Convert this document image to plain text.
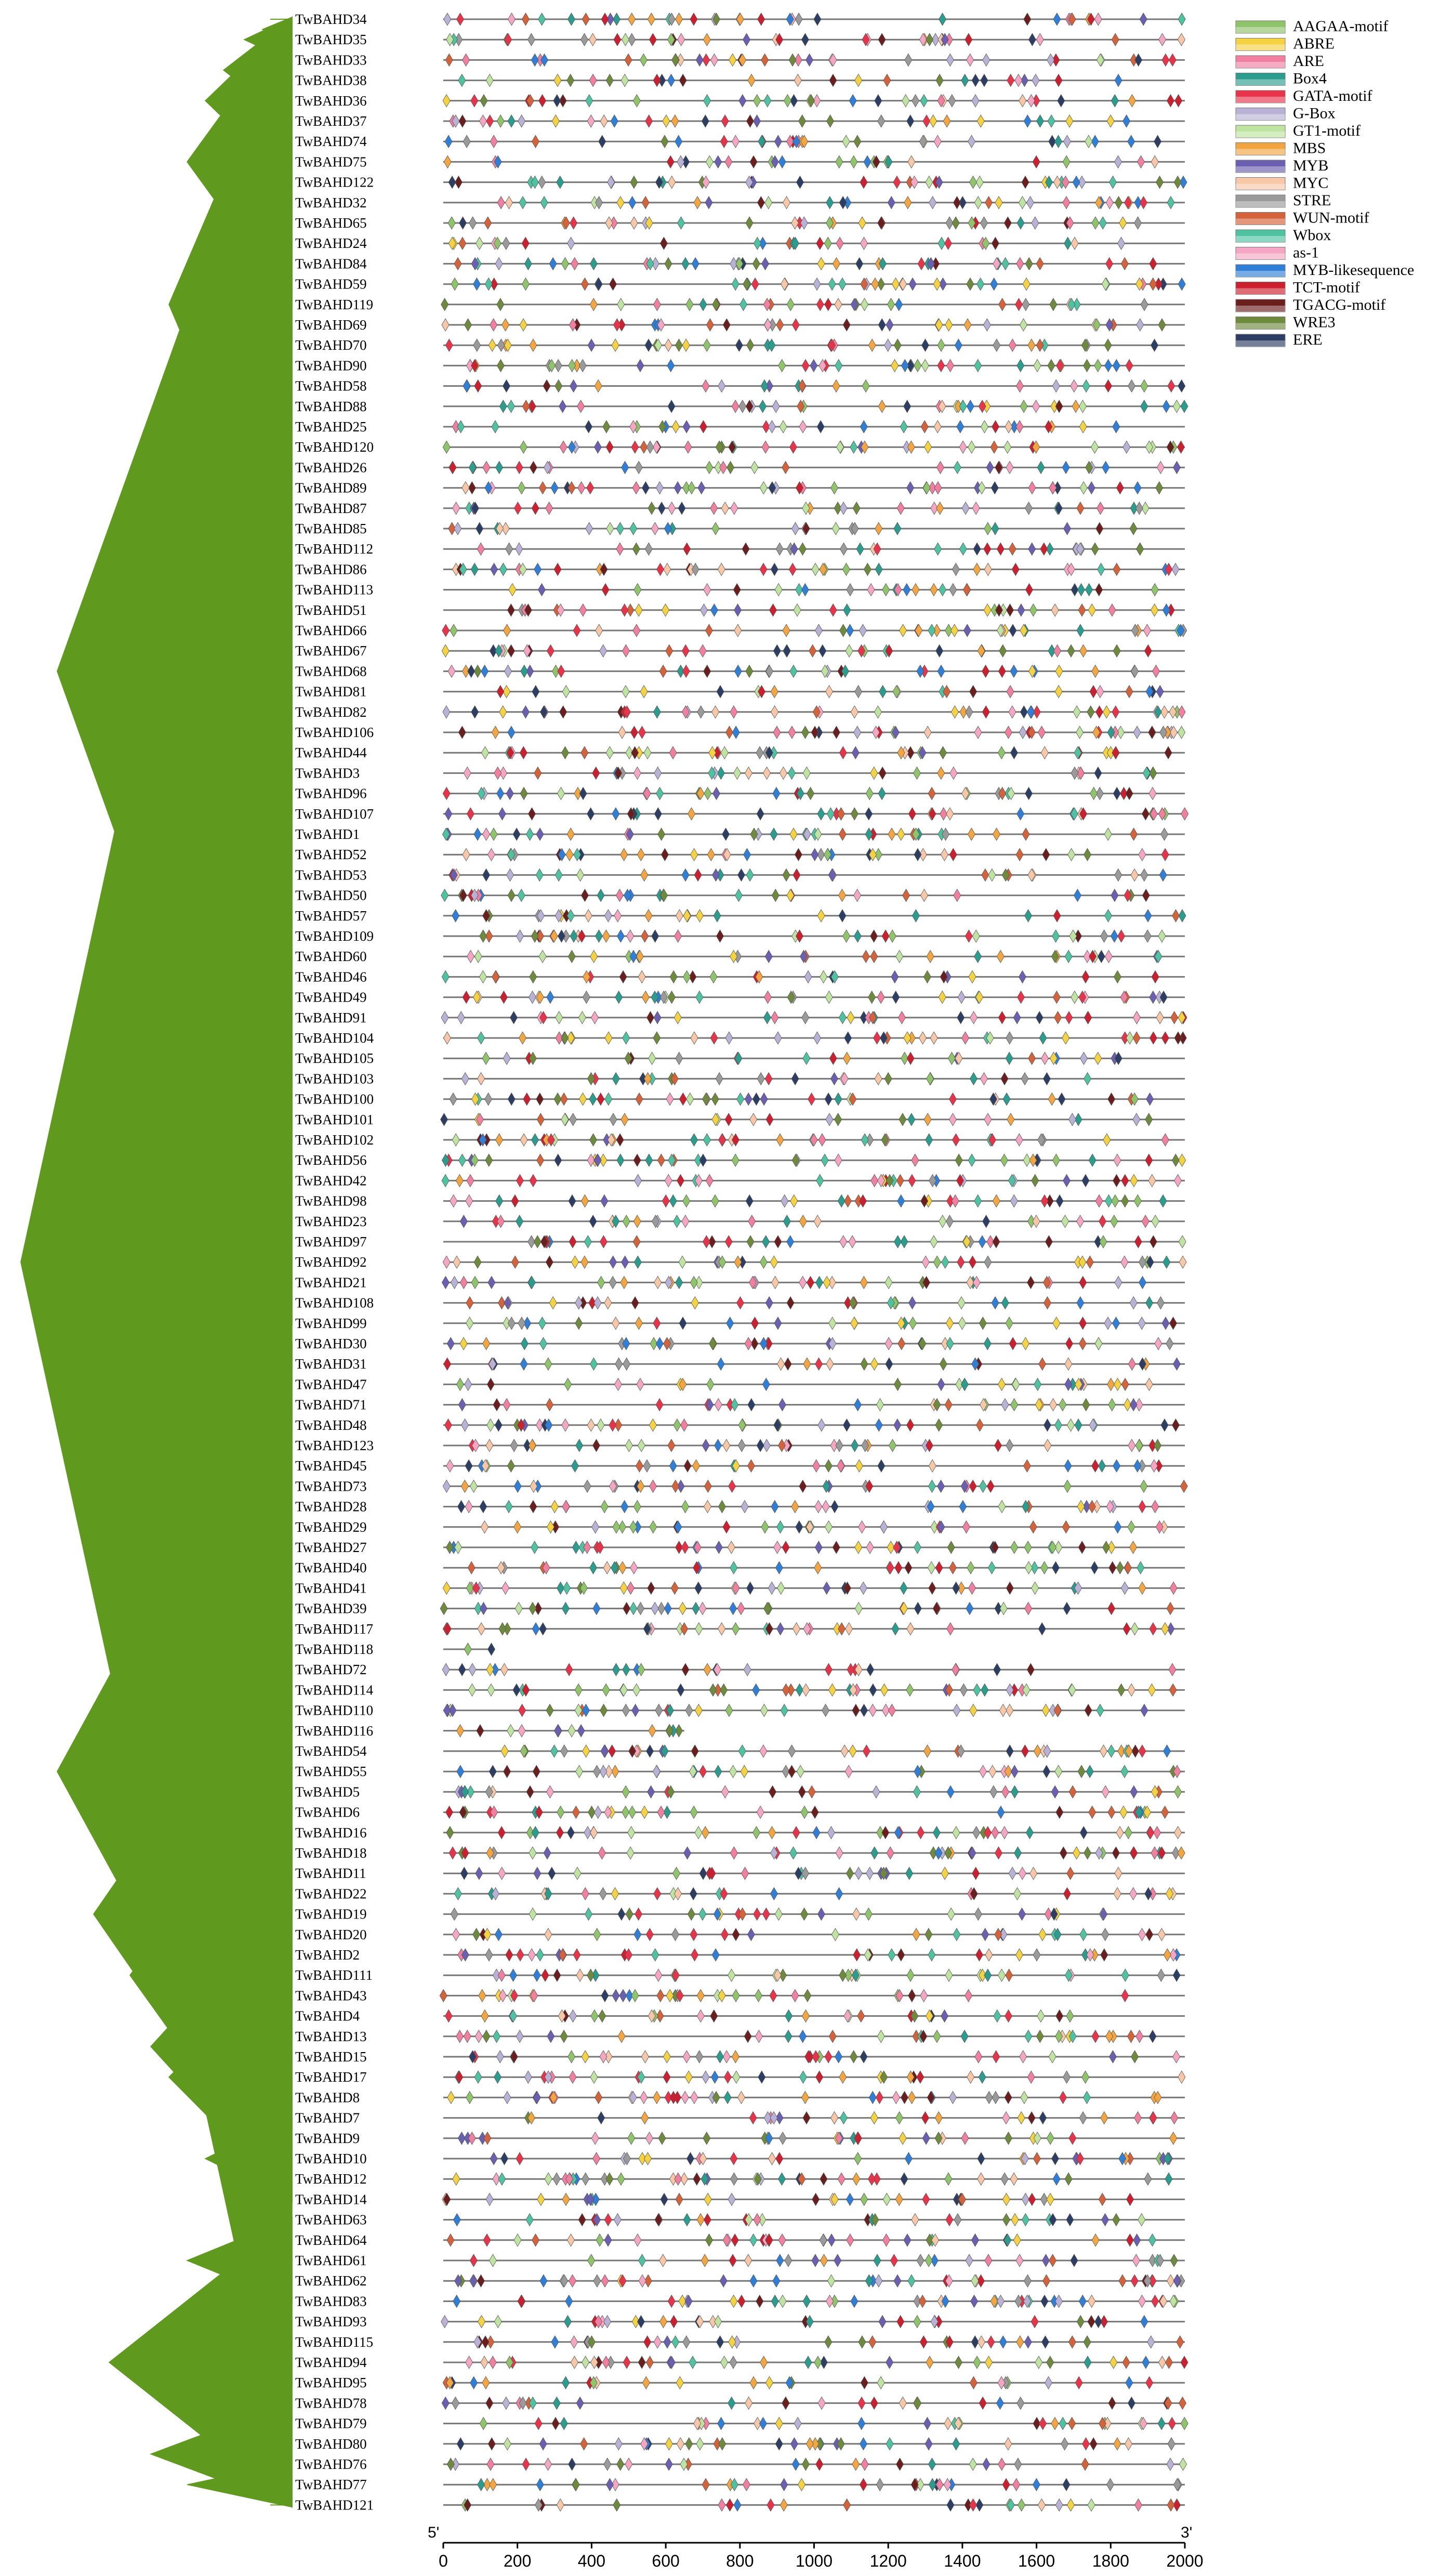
TwBAHD34
TwBAHD35
TwBAHD33
TwBAHD38
TwBAHD36
TwBAHD37
TwBAHD74
TwBAHD75
TwBAHD122
TwBAHD32
TwBAHD65
TwBAHD24
TwBAHD84
TwBAHD59
TwBAHD119
TwBAHD69
TwBAHD70
TwBAHD90
TwBAHD58
TwBAHD88
TwBAHD25
TwBAHD120
TwBAHD26
TwBAHD89
TwBAHD87
TwBAHD85
TwBAHD112
TwBAHD86
TwBAHD113
TwBAHD51
TwBAHD66
TwBAHD67
TwBAHD68
TwBAHD81
TwBAHD82
TwBAHD106
TwBAHD44
TwBAHD3
TwBAHD96
TwBAHD107
TwBAHD1
TwBAHD52
TwBAHD53
TwBAHD50
TwBAHD57
TwBAHD109
TwBAHD60
TwBAHD46
TwBAHD49
TwBAHD91
TwBAHD104
TwBAHD105
TwBAHD103
TwBAHD100
TwBAHD101
TwBAHD102
TwBAHD56
TwBAHD42
TwBAHD98
TwBAHD23
TwBAHD97
TwBAHD92
TwBAHD21
TwBAHD108
TwBAHD99
TwBAHD30
TwBAHD31
TwBAHD47
TwBAHD71
TwBAHD48
TwBAHD123
TwBAHD45
TwBAHD73
TwBAHD28
TwBAHD29
TwBAHD27
TwBAHD40
TwBAHD41
TwBAHD39
TwBAHD117
TwBAHD118
TwBAHD72
TwBAHD114
TwBAHD110
TwBAHD116
TwBAHD54
TwBAHD55
TwBAHD5
TwBAHD6
TwBAHD16
TwBAHD18
TwBAHD11
TwBAHD22
TwBAHD19
TwBAHD20
TwBAHD2
TwBAHD111
TwBAHD43
TwBAHD4
TwBAHD13
TwBAHD15
TwBAHD17
TwBAHD8
TwBAHD7
TwBAHD9
TwBAHD10
TwBAHD12
TwBAHD14
TwBAHD63
TwBAHD64
TwBAHD61
TwBAHD62
TwBAHD83
TwBAHD93
TwBAHD115
TwBAHD94
TwBAHD95
TwBAHD78
TwBAHD79
TwBAHD80
TwBAHD76
TwBAHD77
TwBAHD121
AAGAA-motif
ABRE
ARE
Box4
GATA-motif
G-Box
GT1-motif
MBS
MYB
MYC
STRE
WUN-motif
Wbox
as-1
MYB-likesequence
TCT-motif
TGACG-motif
WRE3
ERE
5'	3'
0	200	400	600	800	1000 1200 1400 1600 1800 2000
